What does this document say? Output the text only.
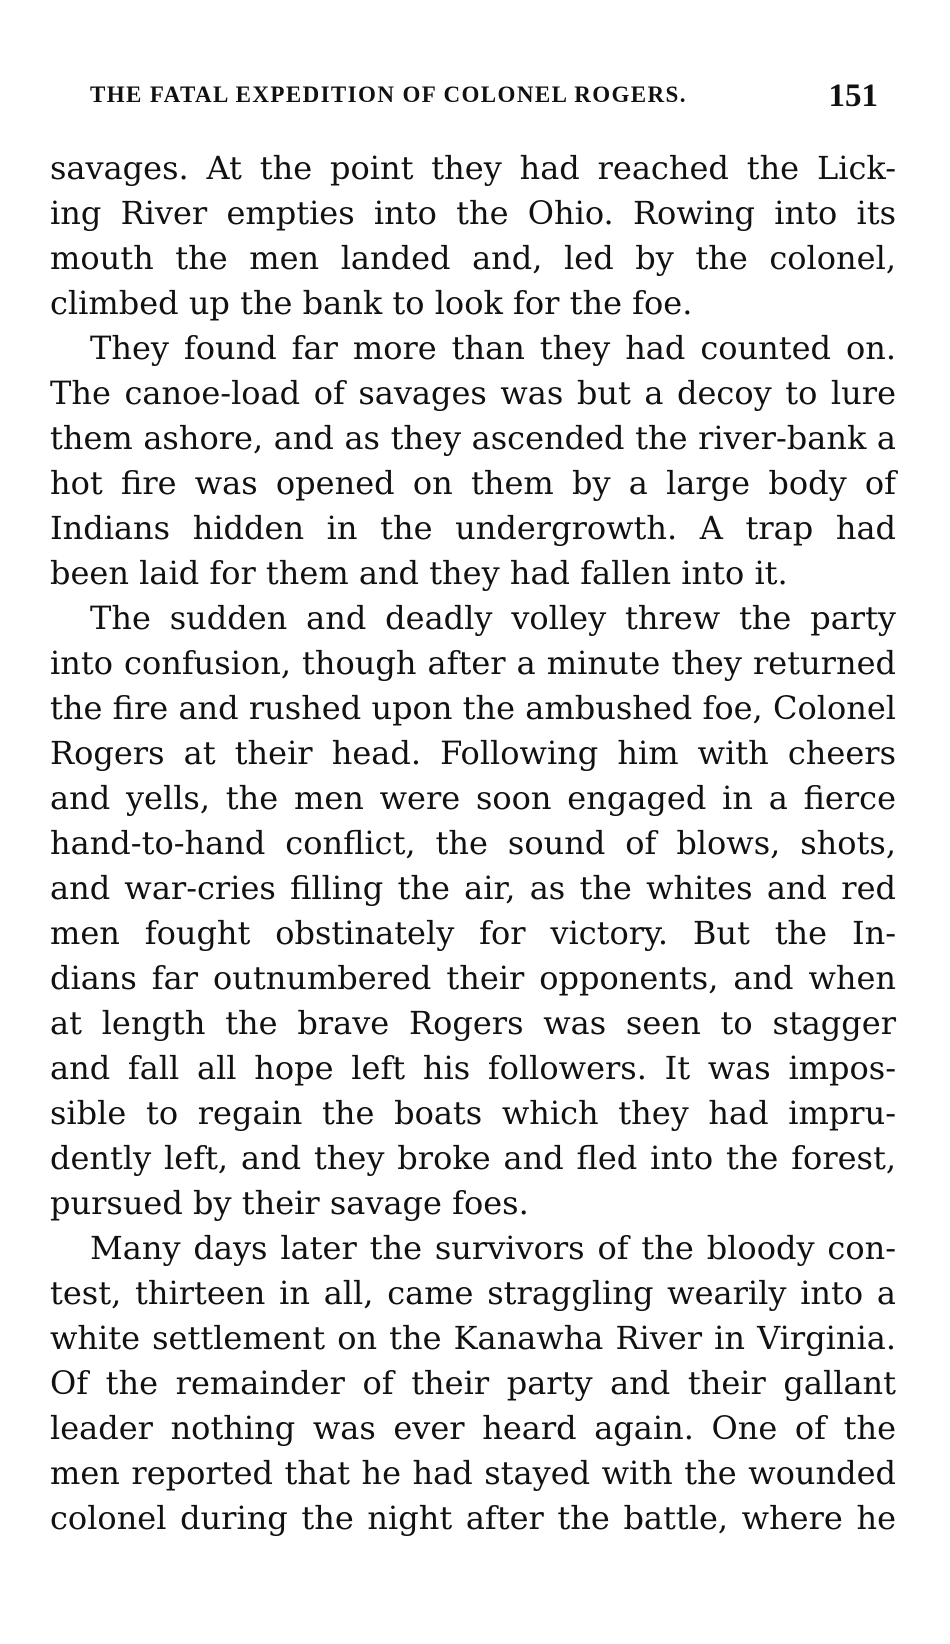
THE FATAL EXPEDITION OF COLONEL ROGERS.	151
savages. At the point they had reached the Lick-
ing River empties into the Ohio. Rowing into its
mouth the men landed and, led by the colonel,
climbed up the bank to look for the foe.
They found far more than they had counted on.
The canoe-load of savages was but a decoy to lure
them ashore, and as they ascended the river-bank a
hot fire was opened on them by a large body of
Indians hidden in the undergrowth. A trap had
been laid for them and they had fallen into it.
The sudden and deadly volley threw the party
into confusion, though after a minute they returned
the fire and rushed upon the ambushed foe, Colonel
Rogers at their head. Following him with cheers
and yells, the men were soon engaged in a fierce
hand-to-hand conflict, the sound of blows, shots,
and war-cries filling the air, as the whites and red
men fought obstinately for victory. But the In-
dians far outnumbered their opponents, and when
at length the brave Rogers was seen to stagger
and fall all hope left his followers. It was impos-
sible to regain the boats which they had impru-
dently left, and they broke and fled into the forest,
pursued by their savage foes.
Many days later the survivors of the bloody con-
test, thirteen in all, came straggling wearily into a
white settlement on the Kanawha River in Virginia.
Of the remainder of their party and their gallant
leader nothing was ever heard again. One of the
men reported that he had stayed with the wounded
colonel during the night after the battle, where he
